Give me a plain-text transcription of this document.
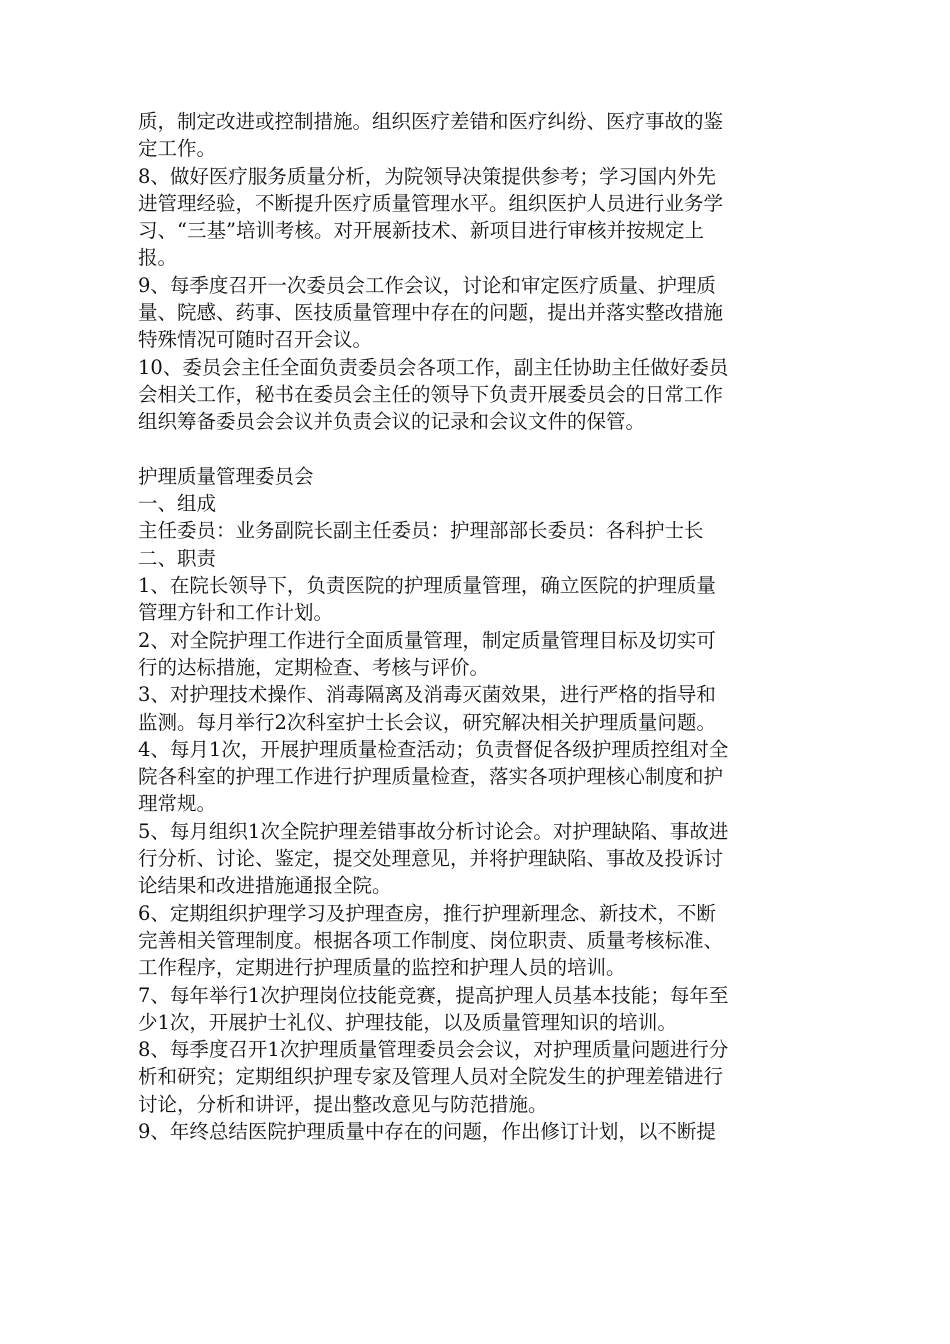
质，制定改进或控制措施。组织医疗差错和医疗纠纷、医疗事故的鉴
定工作。
8、做好医疗服务质量分析，为院领导决策提供参考；学习国内外先
进管理经验，不断提升医疗质量管理水平。组织医护人员进行业务学
习、“三基”培训考核。对开展新技术、新项目进行审核并按规定上
报。
9、每季度召开一次委员会工作会议，讨论和审定医疗质量、护理质
量、院感、药事、医技质量管理中存在的问题，提出并落实整改措施
特殊情况可随时召开会议。
10、委员会主任全面负责委员会各项工作，副主任协助主任做好委员
会相关工作，秘书在委员会主任的领导下负责开展委员会的日常工作
组织筹备委员会会议并负责会议的记录和会议文件的保管。
护理质量管理委员会
一、组成
主任委员：业务副院长副主任委员：护理部部长委员：各科护士长
二、职责
1、在院长领导下，负责医院的护理质量管理，确立医院的护理质量
管理方针和工作计划。
2、对全院护理工作进行全面质量管理，制定质量管理目标及切实可
行的达标措施，定期检查、考核与评价。
3、对护理技术操作、消毒隔离及消毒灭菌效果，进行严格的指导和
监测。每月举行2次科室护士长会议，研究解决相关护理质量问题。
4、每月1次，开展护理质量检查活动；负责督促各级护理质控组对全
院各科室的护理工作进行护理质量检查，落实各项护理核心制度和护
理常规。
5、每月组织1次全院护理差错事故分析讨论会。对护理缺陷、事故进
行分析、讨论、鉴定，提交处理意见，并将护理缺陷、事故及投诉讨
论结果和改进措施通报全院。
6、定期组织护理学习及护理查房，推行护理新理念、新技术，不断
完善相关管理制度。根据各项工作制度、岗位职责、质量考核标准、
工作程序，定期进行护理质量的监控和护理人员的培训。
7、每年举行1次护理岗位技能竞赛，提高护理人员基本技能；每年至
少1次，开展护士礼仪、护理技能，以及质量管理知识的培训。
8、每季度召开1次护理质量管理委员会会议，对护理质量问题进行分
析和研究；定期组织护理专家及管理人员对全院发生的护理差错进行
讨论，分析和讲评，提出整改意见与防范措施。
9、年终总结医院护理质量中存在的问题，作出修订计划，以不断提
